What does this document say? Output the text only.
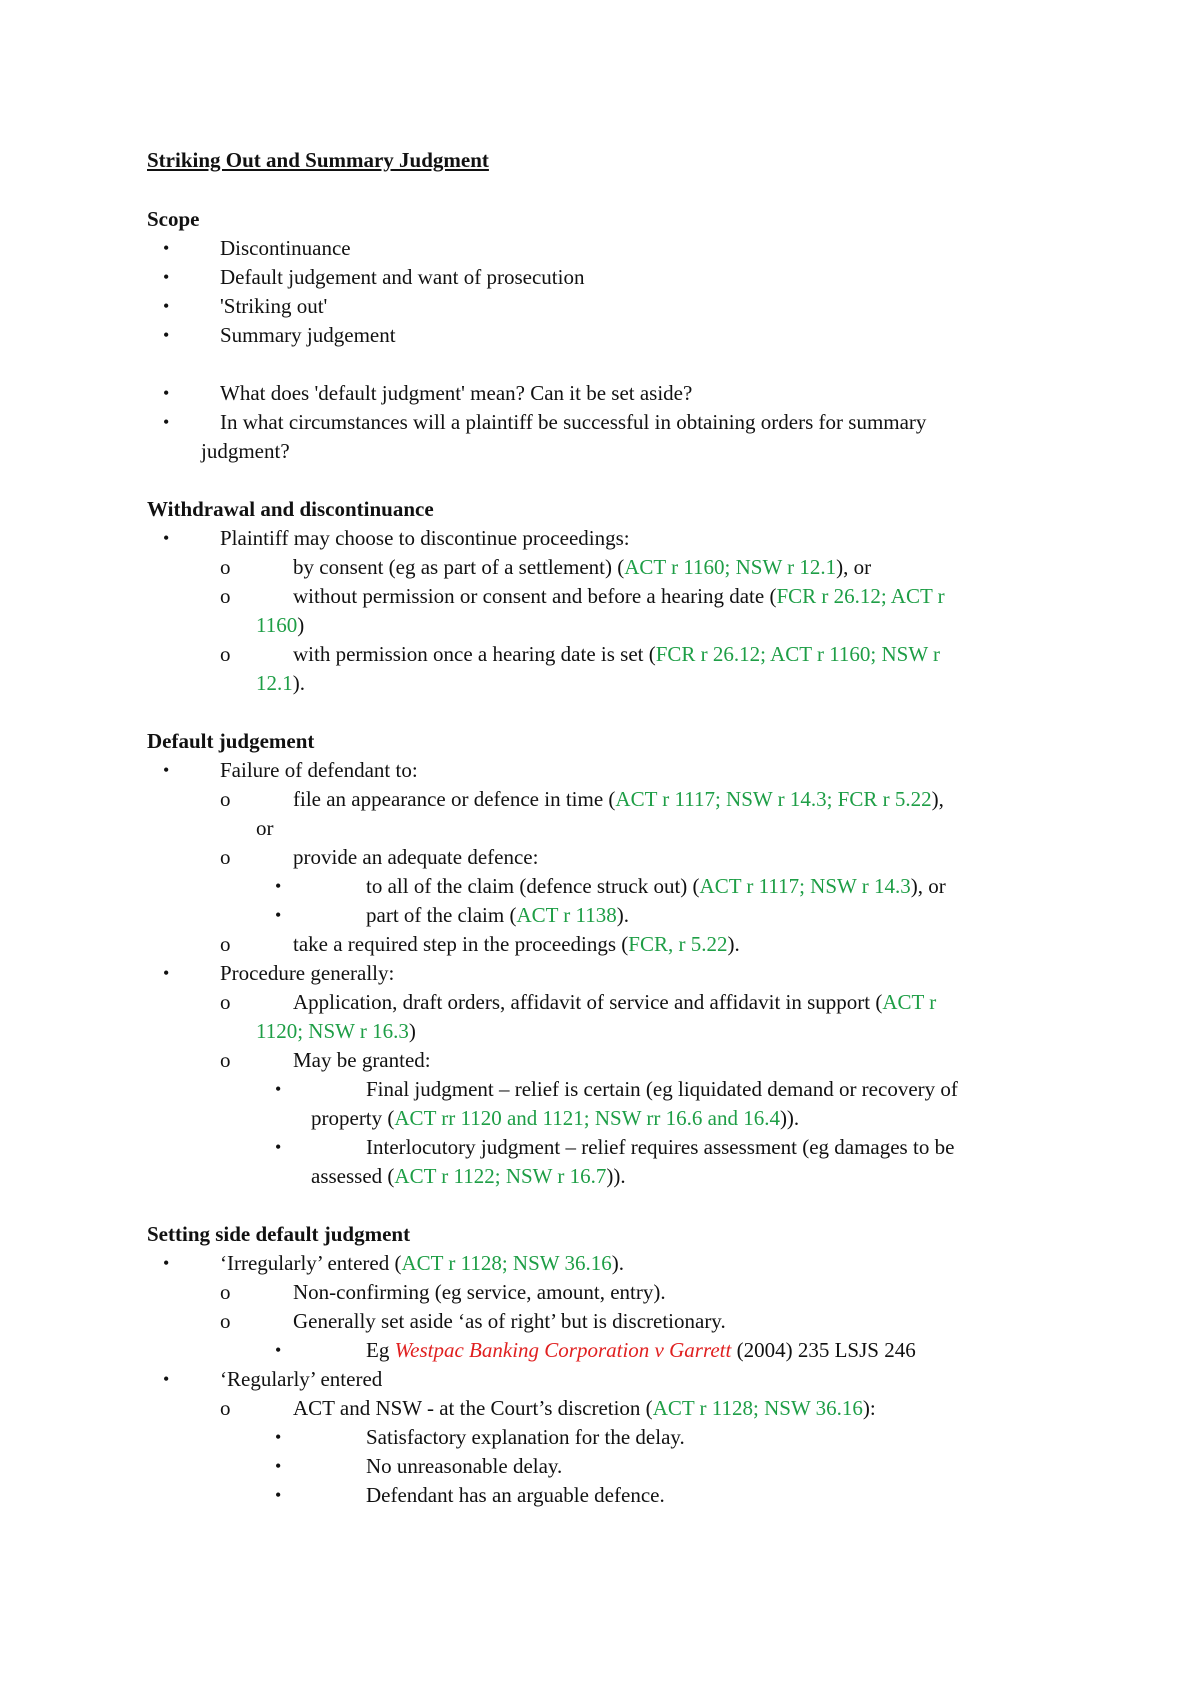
Striking Out and Summary Judgment
Scope
• Discontinuance
• Default judgement and want of prosecution
• 'Striking out'
• Summary judgement
• What does 'default judgment' mean? Can it be set aside?
• In what circumstances will a plaintiff be successful in obtaining orders for summary
judgment?
Withdrawal and discontinuance
• Plaintiff may choose to discontinue proceedings:
o	by consent (eg as part of a settlement) (ACT r 1160; NSW r 12.1), or
o	without permission or consent and before a hearing date (FCR r 26.12; ACT r
1160)
o	with permission once a hearing date is set (FCR r 26.12; ACT r 1160; NSW r
12.1).
Default judgement
• Failure of defendant to:
o	file an appearance or defence in time (ACT r 1117; NSW r 14.3; FCR r 5.22),
or
o	provide an adequate defence:
•	to all of the claim (defence struck out) (ACT r 1117; NSW r 14.3), or
•	part of the claim (ACT r 1138).
o	take a required step in the proceedings (FCR, r 5.22).
• Procedure generally:
o	Application, draft orders, affidavit of service and affidavit in support (ACT r
1120; NSW r 16.3)
o	May be granted:
•	Final judgment – relief is certain (eg liquidated demand or recovery of
property (ACT rr 1120 and 1121; NSW rr 16.6 and 16.4)).
•	Interlocutory judgment – relief requires assessment (eg damages to be
assessed (ACT r 1122; NSW r 16.7)).
Setting side default judgment
• ‘Irregularly’ entered (ACT r 1128; NSW 36.16).
o	Non-confirming (eg service, amount, entry).
o	Generally set aside ‘as of right’ but is discretionary.
•	Eg Westpac Banking Corporation v Garrett (2004) 235 LSJS 246
• ‘Regularly’ entered
o	ACT and NSW - at the Court’s discretion (ACT r 1128; NSW 36.16):
•	Satisfactory explanation for the delay.
•	No unreasonable delay.
•	Defendant has an arguable defence.
